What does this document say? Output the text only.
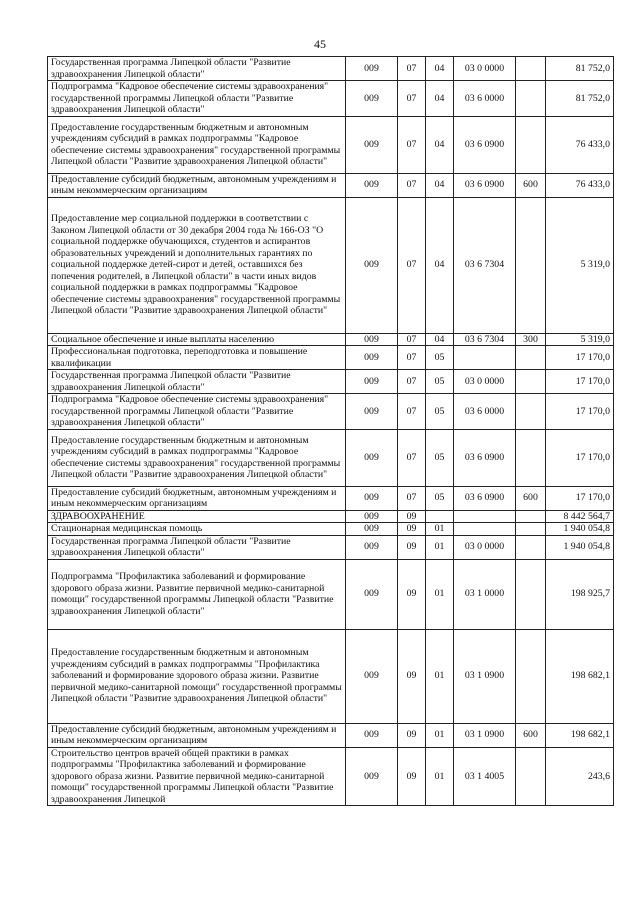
45
Государственная программа Липецкой области "Развитие здравоохранения Липецкой области"	009	07	04	03 0 0000		81 752,0
Подпрограмма "Кадровое обеспечение системы здравоохранения" государственной программы Липецкой области "Развитие здравоохранения Липецкой области"	009	07	04	03 6 0000		81 752,0
Предоставление государственным бюджетным и автономным учреждениям субсидий в рамках подпрограммы "Кадровое обеспечение системы здравоохранения" государственной программы Липецкой области "Развитие здравоохранения Липецкой области"	009	07	04	03 6 0900		76 433,0
Предоставление субсидий бюджетным, автономным учреждениям и иным некоммерческим организациям	009	07	04	03 6 0900	600	76 433,0
Предоставление мер социальной поддержки в соответствии с Законом Липецкой области от 30 декабря 2004 года № 166-ОЗ "О социальной поддержке обучающихся, студентов и аспирантов образовательных учреждений и дополнительных гарантиях по социальной поддержке детей-сирот и детей, оставшихся без попечения родителей, в Липецкой области" в части иных видов социальной поддержки в рамках подпрограммы "Кадровое обеспечение системы здравоохранения" государственной программы Липецкой области "Развитие здравоохранения Липецкой области"	009	07	04	03 6 7304		5 319,0
Социальное обеспечение и иные выплаты населению	009	07	04	03 6 7304	300	5 319,0
Профессиональная подготовка, переподготовка и повышение квалификации	009	07	05			17 170,0
Государственная программа Липецкой области "Развитие здравоохранения Липецкой области"	009	07	05	03 0 0000		17 170,0
Подпрограмма "Кадровое обеспечение системы здравоохранения" государственной программы Липецкой области "Развитие здравоохранения Липецкой области"	009	07	05	03 6 0000		17 170,0
Предоставление государственным бюджетным и автономным учреждениям субсидий в рамках подпрограммы "Кадровое обеспечение системы здравоохранения" государственной программы Липецкой области "Развитие здравоохранения Липецкой области"	009	07	05	03 6 0900		17 170,0
Предоставление субсидий бюджетным, автономным учреждениям и иным некоммерческим организациям	009	07	05	03 6 0900	600	17 170,0
ЗДРАВООХРАНЕНИЕ	009	09				8 442 564,7
Стационарная медицинская помощь	009	09	01			1 940 054,8
Государственная программа Липецкой области "Развитие здравоохранения Липецкой области"	009	09	01	03 0 0000		1 940 054,8
Подпрограмма "Профилактика заболеваний и формирование здорового образа жизни. Развитие первичной медико-санитарной помощи" государственной программы Липецкой области "Развитие здравоохранения Липецкой области"	009	09	01	03 1 0000		198 925,7
Предоставление государственным бюджетным и автономным учреждениям субсидий в рамках подпрограммы "Профилактика заболеваний и формирование здорового образа жизни. Развитие первичной медико-санитарной помощи" государственной программы Липецкой области "Развитие здравоохранения Липецкой области"	009	09	01	03 1 0900		198 682,1
Предоставление субсидий бюджетным, автономным учреждениям и иным некоммерческим организациям	009	09	01	03 1 0900	600	198 682,1
Строительство центров врачей общей практики в рамках подпрограммы "Профилактика заболеваний и формирование здорового образа жизни. Развитие первичной медико-санитарной помощи" государственной программы Липецкой области "Развитие здравоохранения Липецкой	009	09	01	03 1 4005		243,6
